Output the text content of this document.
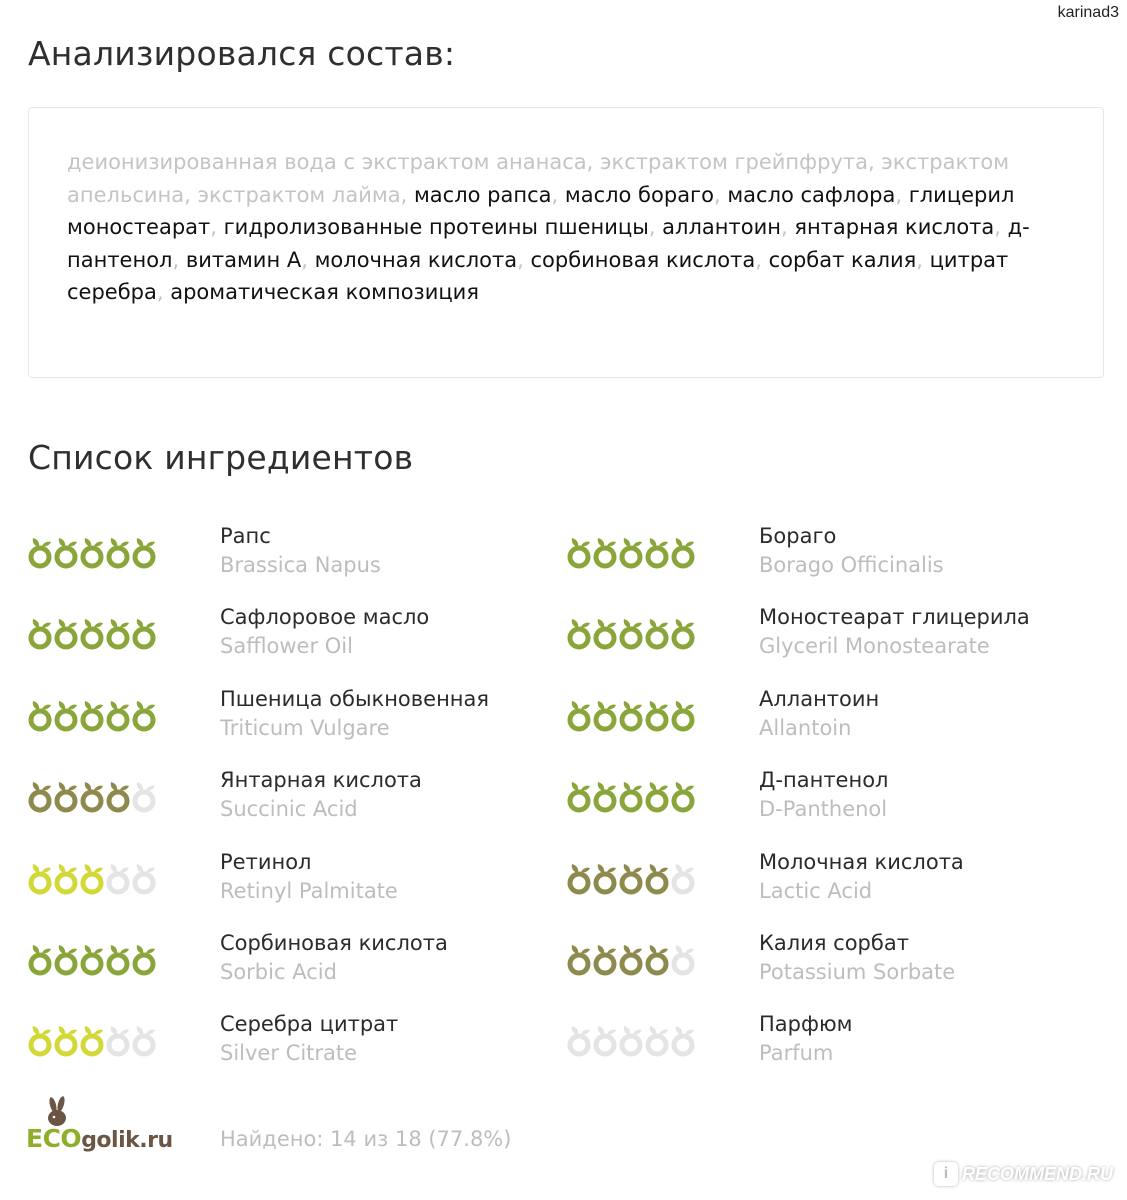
karinad3
Анализировался состав:

деионизированная вода с экстрактом ананаса, экстрактом грейпфрута, экстрактом апельсина, экстрактом лайма, масло рапса, масло бораго, масло сафлора, глицерил моностеарат, гидролизованные протеины пшеницы, аллантоин, янтарная кислота, д-пантенол, витамин А, молочная кислота, сорбиновая кислота, сорбат калия, цитрат серебра, ароматическая композиция

Список ингредиентов
Рапс
Brassica Napus
Бораго
Borago Officinalis
Сафлоровое масло
Safflower Oil
Моностеарат глицерила
Glyceril Monostearate
Пшеница обыкновенная
Triticum Vulgare
Аллантоин
Allantoin
Янтарная кислота
Succinic Acid
Д-пантенол
D-Panthenol
Ретинол
Retinyl Palmitate
Молочная кислота
Lactic Acid
Сорбиновая кислота
Sorbic Acid
Калия сорбат
Potassium Sorbate
Серебра цитрат
Silver Citrate
Парфюм
Parfum
ECOgolik.ru Найдено: 14 из 18 (77.8%)
i RECOMMEND.RU
